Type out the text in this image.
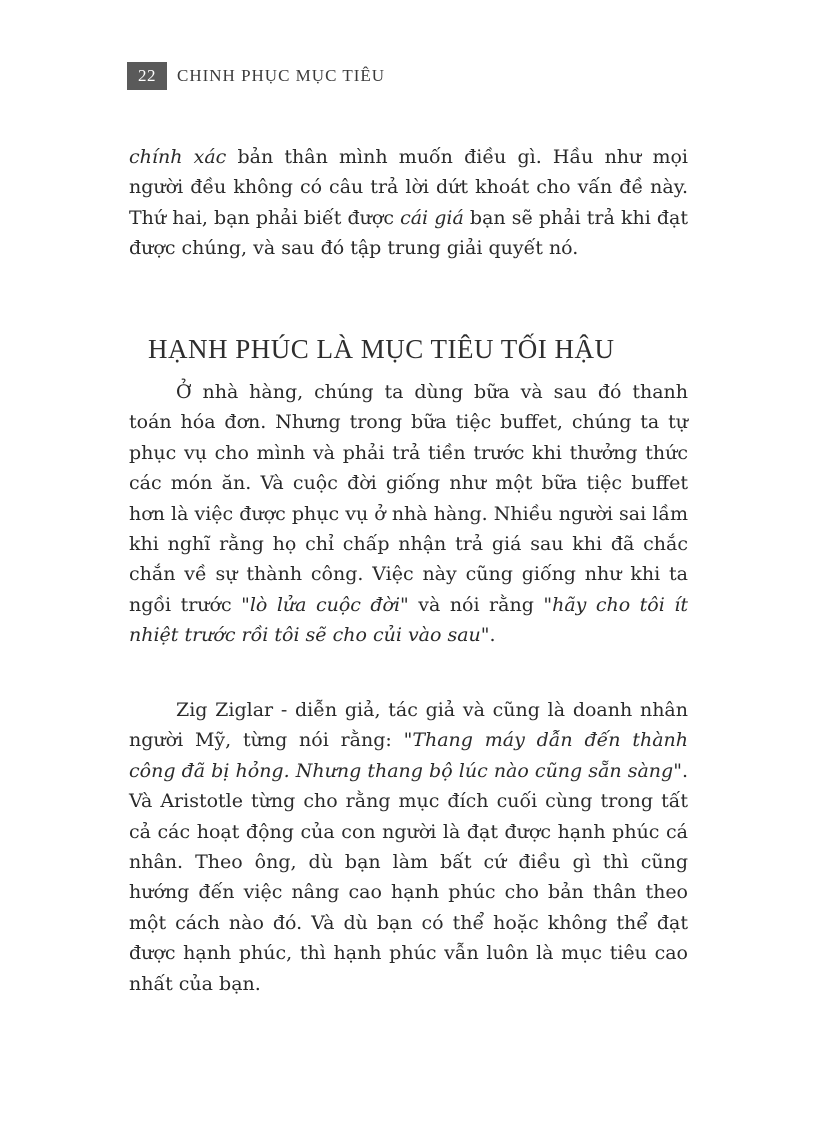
22	CHINH PHỤC MỤC TIÊU

chính xác bản thân mình muốn điều gì. Hầu như mọi người đều không có câu trả lời dứt khoát cho vấn đề này. Thứ hai, bạn phải biết được cái giá bạn sẽ phải trả khi đạt được chúng, và sau đó tập trung giải quyết nó.

HẠNH PHÚC LÀ MỤC TIÊU TỐI HẬU

Ở nhà hàng, chúng ta dùng bữa và sau đó thanh toán hóa đơn. Nhưng trong bữa tiệc buffet, chúng ta tự phục vụ cho mình và phải trả tiền trước khi thưởng thức các món ăn. Và cuộc đời giống như một bữa tiệc buffet hơn là việc được phục vụ ở nhà hàng. Nhiều người sai lầm khi nghĩ rằng họ chỉ chấp nhận trả giá sau khi đã chắc chắn về sự thành công. Việc này cũng giống như khi ta ngồi trước "lò lửa cuộc đời" và nói rằng "hãy cho tôi ít nhiệt trước rồi tôi sẽ cho củi vào sau".

Zig Ziglar - diễn giả, tác giả và cũng là doanh nhân người Mỹ, từng nói rằng: "Thang máy dẫn đến thành công đã bị hỏng. Nhưng thang bộ lúc nào cũng sẵn sàng". Và Aristotle từng cho rằng mục đích cuối cùng trong tất cả các hoạt động của con người là đạt được hạnh phúc cá nhân. Theo ông, dù bạn làm bất cứ điều gì thì cũng hướng đến việc nâng cao hạnh phúc cho bản thân theo một cách nào đó. Và dù bạn có thể hoặc không thể đạt được hạnh phúc, thì hạnh phúc vẫn luôn là mục tiêu cao nhất của bạn.
